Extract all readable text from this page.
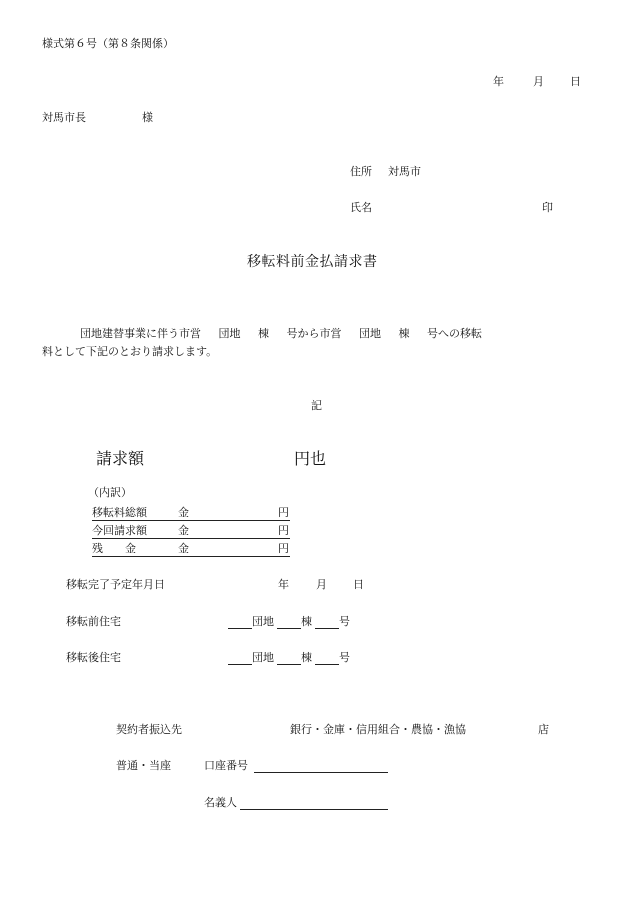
様式第６号（第８条関係）
年	月 日
対馬市長	様
住所 対馬市
氏名	印
移転料前金払請求書
団地建替事業に伴う市営 団地 棟 号から市営 団地 棟 号への移転
料として下記のとおり請求します。
記
請求額	円也
（内訳）
移転料総額	金	円
今回請求額	金	円
残　　金	金	円
移転完了予定年月日	年 月 日
移転前住宅	団地 棟 号
移転後住宅	団地 棟 号
契約者振込先	銀行・金庫・信用組合・農協・漁協	店
普通・当座	口座番号
名義人
